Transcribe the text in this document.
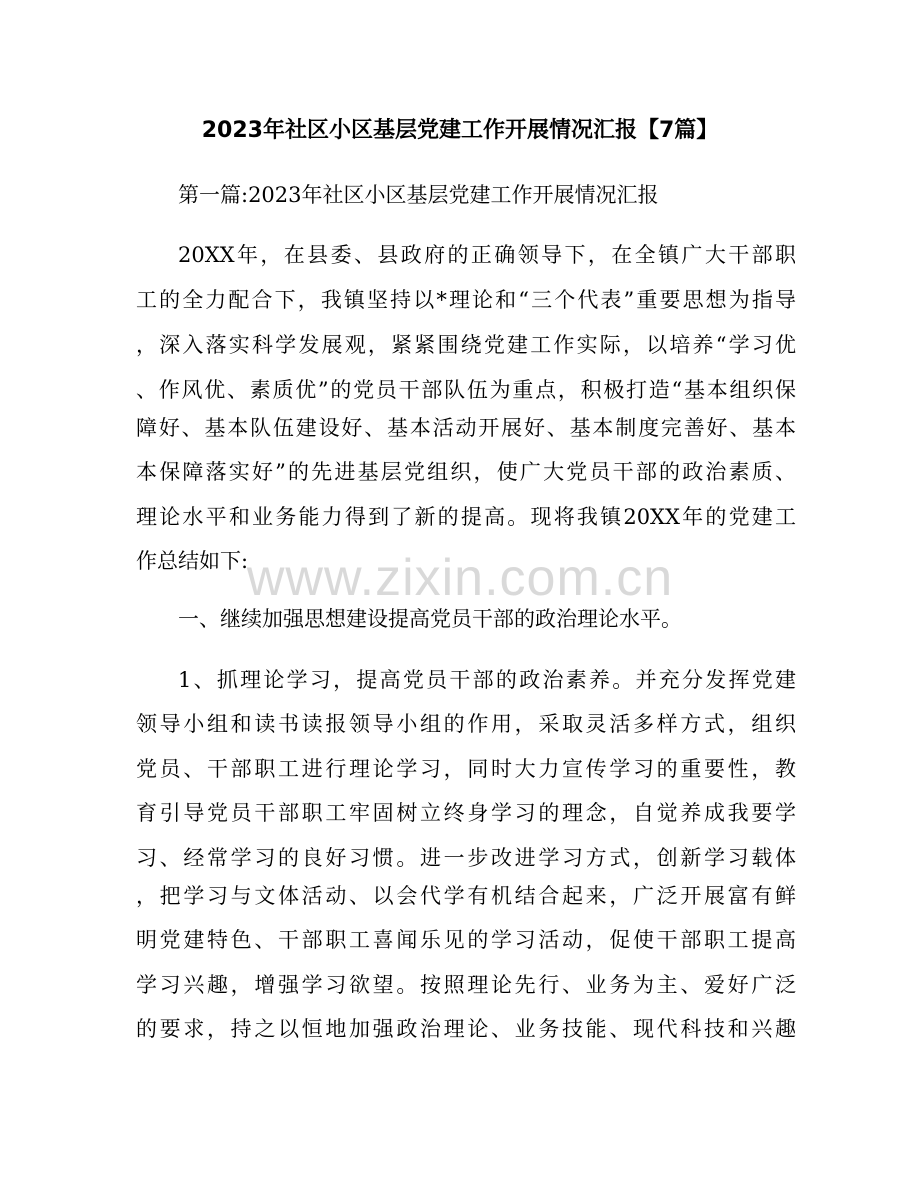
2023年社区小区基层党建工作开展情况汇报【7篇】
第一篇:2023年社区小区基层党建工作开展情况汇报
20XX年，在县委、县政府的正确领导下，在全镇广大干部职
工的全力配合下，我镇坚持以*理论和“三个代表”重要思想为指导
，深入落实科学发展观，紧紧围绕党建工作实际，以培养“学习优
、作风优、素质优”的党员干部队伍为重点，积极打造“基本组织保
障好、基本队伍建设好、基本活动开展好、基本制度完善好、基本
本保障落实好”的先进基层党组织，使广大党员干部的政治素质、
理论水平和业务能力得到了新的提高。现将我镇20XX年的党建工
作总结如下:
一、继续加强思想建设提高党员干部的政治理论水平。
1、抓理论学习，提高党员干部的政治素养。并充分发挥党建
领导小组和读书读报领导小组的作用，采取灵活多样方式，组织
党员、干部职工进行理论学习，同时大力宣传学习的重要性，教
育引导党员干部职工牢固树立终身学习的理念，自觉养成我要学
习、经常学习的良好习惯。进一步改进学习方式，创新学习载体
，把学习与文体活动、以会代学有机结合起来，广泛开展富有鲜
明党建特色、干部职工喜闻乐见的学习活动，促使干部职工提高
学习兴趣，增强学习欲望。按照理论先行、业务为主、爱好广泛
的要求，持之以恒地加强政治理论、业务技能、现代科技和兴趣
www.zixin.com.cn
